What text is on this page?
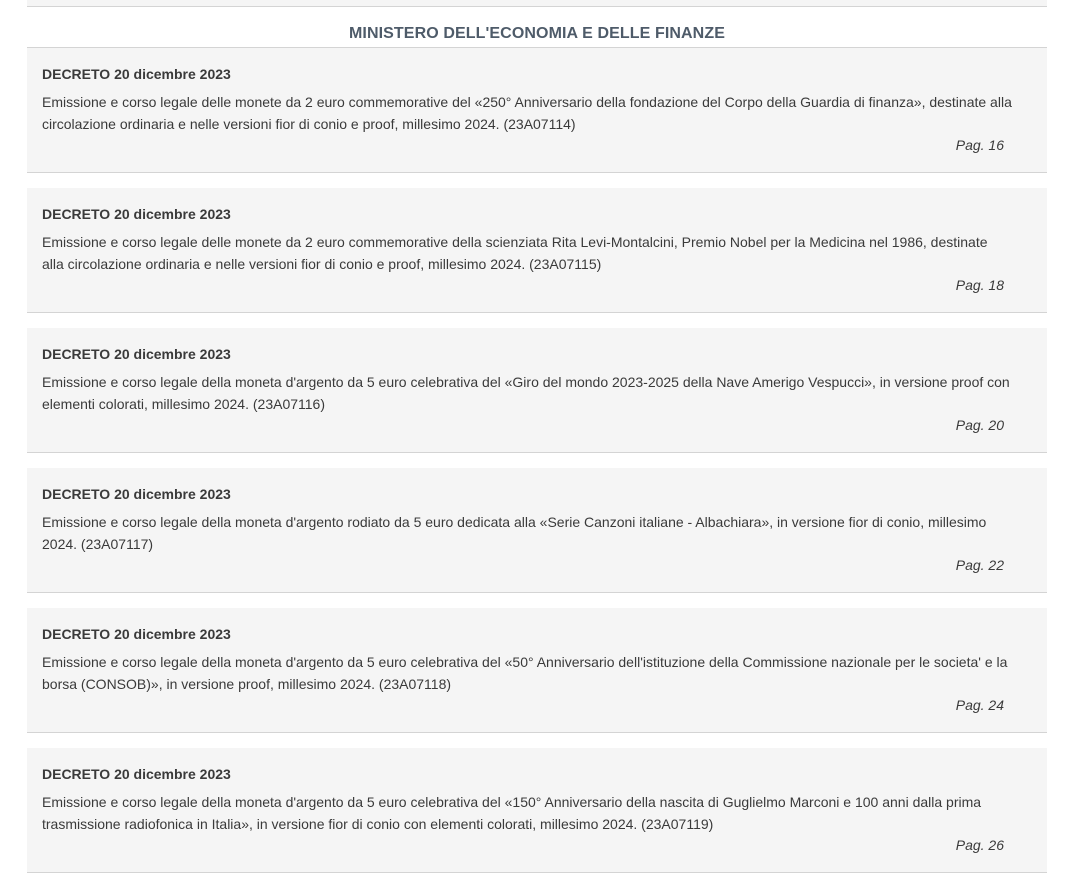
MINISTERO DELL'ECONOMIA E DELLE FINANZE
DECRETO 20 dicembre 2023
Emissione e corso legale delle monete da 2 euro commemorative del «250° Anniversario della fondazione del Corpo della Guardia di finanza», destinate alla circolazione ordinaria e nelle versioni fior di conio e proof, millesimo 2024. (23A07114)
Pag. 16
DECRETO 20 dicembre 2023
Emissione e corso legale delle monete da 2 euro commemorative della scienziata Rita Levi-Montalcini, Premio Nobel per la Medicina nel 1986, destinate alla circolazione ordinaria e nelle versioni fior di conio e proof, millesimo 2024. (23A07115)
Pag. 18
DECRETO 20 dicembre 2023
Emissione e corso legale della moneta d'argento da 5 euro celebrativa del «Giro del mondo 2023-2025 della Nave Amerigo Vespucci», in versione proof con elementi colorati, millesimo 2024. (23A07116)
Pag. 20
DECRETO 20 dicembre 2023
Emissione e corso legale della moneta d'argento rodiato da 5 euro dedicata alla «Serie Canzoni italiane - Albachiara», in versione fior di conio, millesimo 2024. (23A07117)
Pag. 22
DECRETO 20 dicembre 2023
Emissione e corso legale della moneta d'argento da 5 euro celebrativa del «50° Anniversario dell'istituzione della Commissione nazionale per le societa' e la borsa (CONSOB)», in versione proof, millesimo 2024. (23A07118)
Pag. 24
DECRETO 20 dicembre 2023
Emissione e corso legale della moneta d'argento da 5 euro celebrativa del «150° Anniversario della nascita di Guglielmo Marconi e 100 anni dalla prima trasmissione radiofonica in Italia», in versione fior di conio con elementi colorati, millesimo 2024. (23A07119)
Pag. 26
